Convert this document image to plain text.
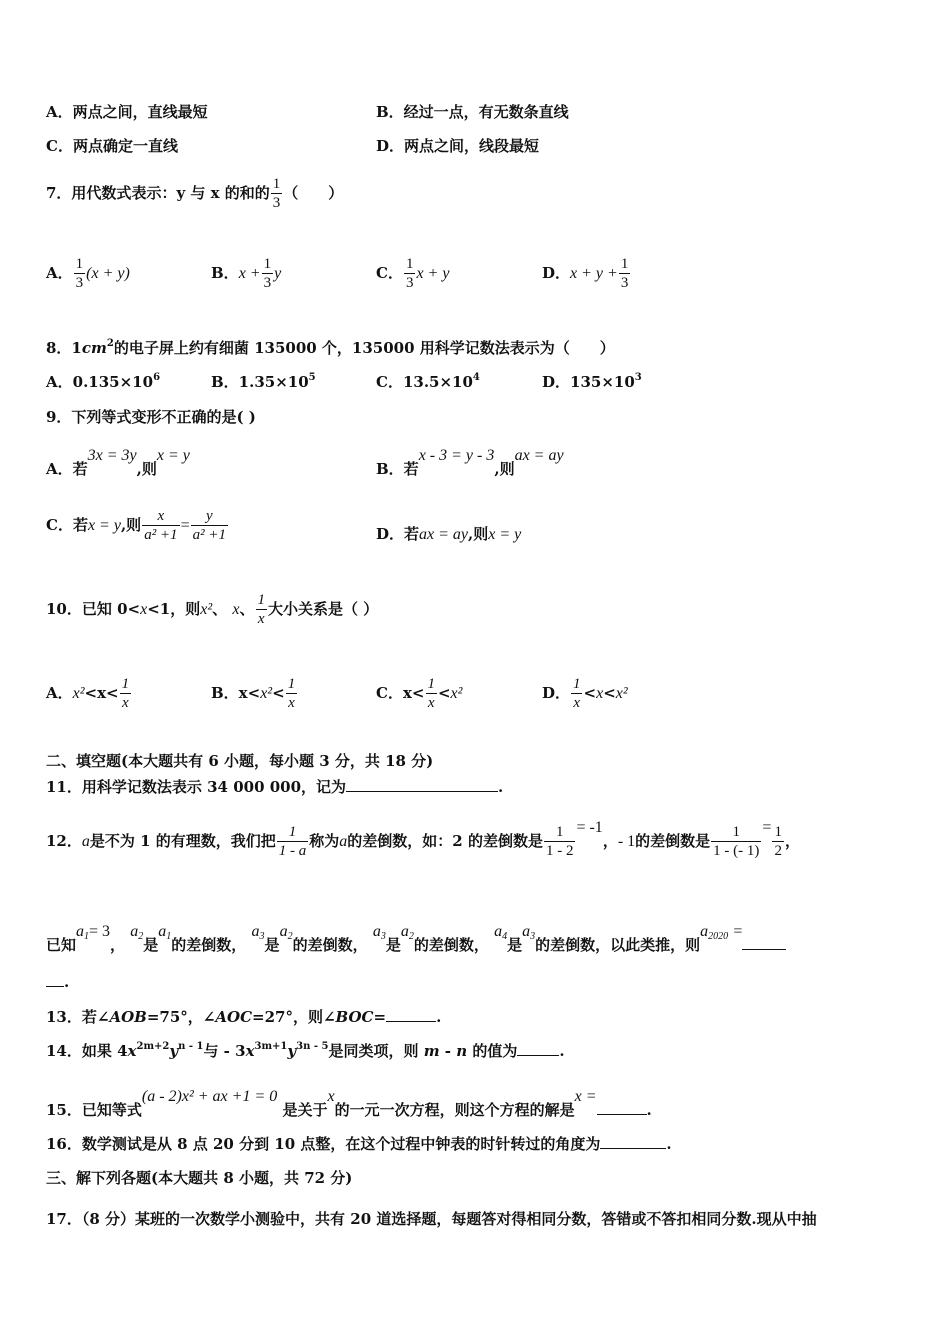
A．两点之间，直线最短	B．经过一点，有无数条直线
C．两点确定一直线	D．两点之间，线段最短
7．用代数式表示：y 与 x 的和的 $\frac{1}{3}$ （　　）
A． $\frac{1}{3} (x + y)$	B．$x + \frac{1}{3}$ y	C． $\frac{1}{3}$ x + y	D．$x + y + \frac{1}{3}$
8．$1cm^2$的电子屏上约有细菌 135000 个，135000 用科学记数法表示为（　　）
A．$0.135\times 10^6$	B．$1.35\times 10^5$	C．$13.5\times 10^4$	D．$135\times 10^3$
9．下列等式变形不正确的是( )
A．若3x = 3y,则x = y
B．若x - 3 = y - 3,则ax = ay
C．若x = y,则 $\frac{x}{\text{a² +1}} = \frac{y}{\text{a² +1}}$	D．若ax = ay,则x = y
10．已知 0<x<1，则x²、 x、 $\frac{1}{x}$ 大小关系是（ ）
A．$x^2<x< \frac{1}{x}$	B．$x<x^2< \frac{1}{x}$	C．$x< \frac{1}{x} <x^2$	D． $\frac{1}{x} <x<x^2$
二、填空题(本大题共有 6 小题，每小题 3 分，共 18 分)
11．用科学记数法表示 34 000 000，记为	.
12．a是不为 1 的有理数，我们把 $\frac{1}{1 - a}$ 称为a的差倒数，如：2 的差倒数是 $\frac{1}{1 - 2} = -1$，- 1的差倒数是 $\frac{1}{1 - (- 1)} = \frac{1}{2}$ ，
已知$a_1= 3$， $a_2$是$a_1$的差倒数， $a_3$是$a_2$的差倒数， $a_3$是$a_2$的差倒数， $a_4$是$a_3$的差倒数，以此类推，则$a_{2020}$ =
.
13．若∠AOB=75°，∠AOC=27°，则∠BOC=	.
14．如果 $4x^{2m+2}y^{n - 1}$与 - $3x^{3m+1}y^{3n - 5}$是同类项，则 m - n 的值为	.
15．已知等式(a - 2)x² + ax +1 = 0 是关于x的一元一次方程，则这个方程的解是x =.
16．数学测试是从 8 点 20 分到 10 点整，在这个过程中钟表的时针转过的角度为	.
三、解下列各题(本大题共 8 小题，共 72 分)
17．（8 分）某班的一次数学小测验中，共有 20 道选择题，每题答对得相同分数，答错或不答扣相同分数.现从中抽
